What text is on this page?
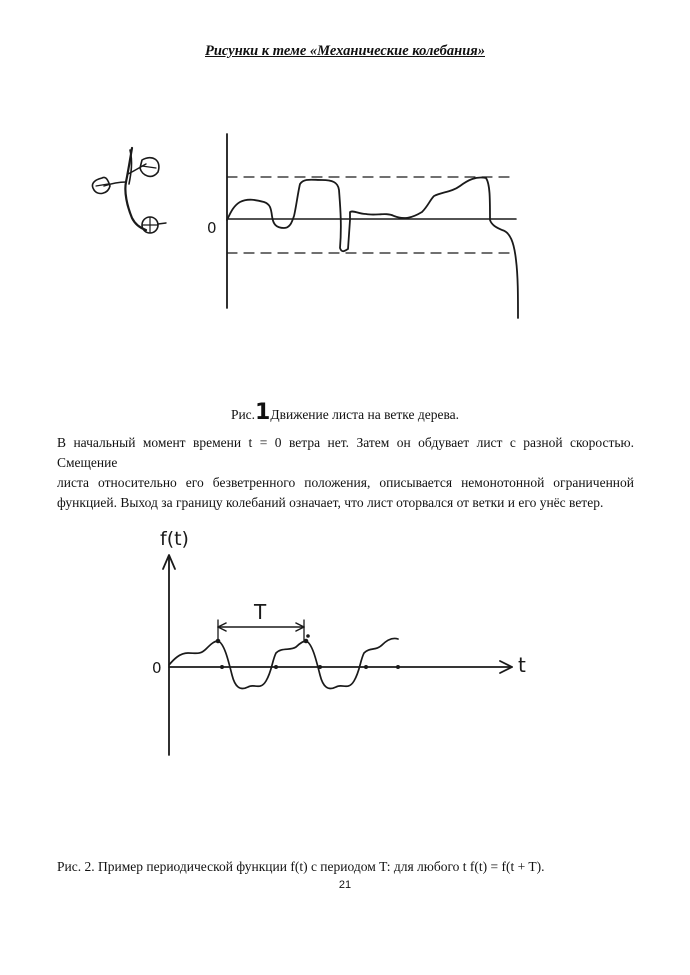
Рисунки к теме «Механические колебания»
0
Рис.1Движение листа на ветке дерева.
В начальный момент времени t = 0 ветра нет. Затем он обдувает лист с разной скоростью. Смещение
листа относительно его безветренного положения, описывается немонотонной ограниченной
функцией. Выход за границу колебаний означает, что лист оторвался от ветки и его унёс ветер.
T
f(t)
t
0
Рис. 2. Пример периодической функции f(t) с периодом T: для любого t f(t) = f(t + T).
21
